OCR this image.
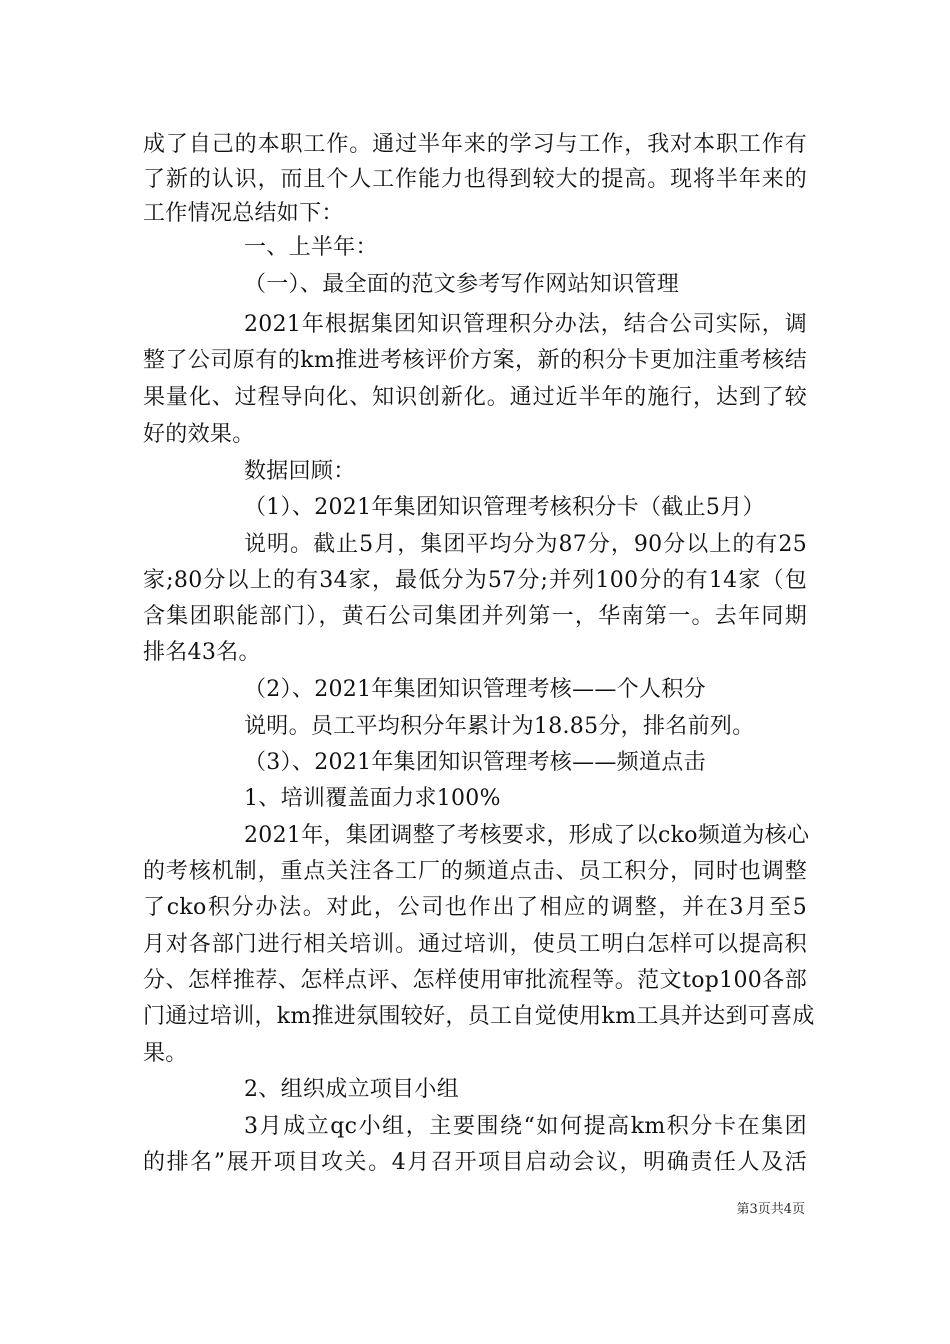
成了自己的本职工作。通过半年来的学习与工作，我对本职工作有
了新的认识，而且个人工作能力也得到较大的提高。现将半年来的
工作情况总结如下：
一、上半年：
（一）、最全面的范文参考写作网站知识管理
2021年根据集团知识管理积分办法，结合公司实际，调
整了公司原有的km推进考核评价方案，新的积分卡更加注重考核结
果量化、过程导向化、知识创新化。通过近半年的施行，达到了较
好的效果。
数据回顾：
（1）、2021年集团知识管理考核积分卡（截止5月）
说明。截止5月，集团平均分为87分，90分以上的有25
家;80分以上的有34家，最低分为57分;并列100分的有14家（包
含集团职能部门），黄石公司集团并列第一，华南第一。去年同期
排名43名。
（2）、2021年集团知识管理考核——个人积分
说明。员工平均积分年累计为18.85分，排名前列。
（3）、2021年集团知识管理考核——频道点击
1、培训覆盖面力求100%
2021年，集团调整了考核要求，形成了以cko频道为核心
的考核机制，重点关注各工厂的频道点击、员工积分，同时也调整
了cko积分办法。对此，公司也作出了相应的调整，并在3月至5
月对各部门进行相关培训。通过培训，使员工明白怎样可以提高积
分、怎样推荐、怎样点评、怎样使用审批流程等。范文top100各部
门通过培训，km推进氛围较好，员工自觉使用km工具并达到可喜成
果。
2、组织成立项目小组
3月成立qc小组，主要围绕“如何提高km积分卡在集团
的排名”展开项目攻关。4月召开项目启动会议，明确责任人及活
第3页共4页
